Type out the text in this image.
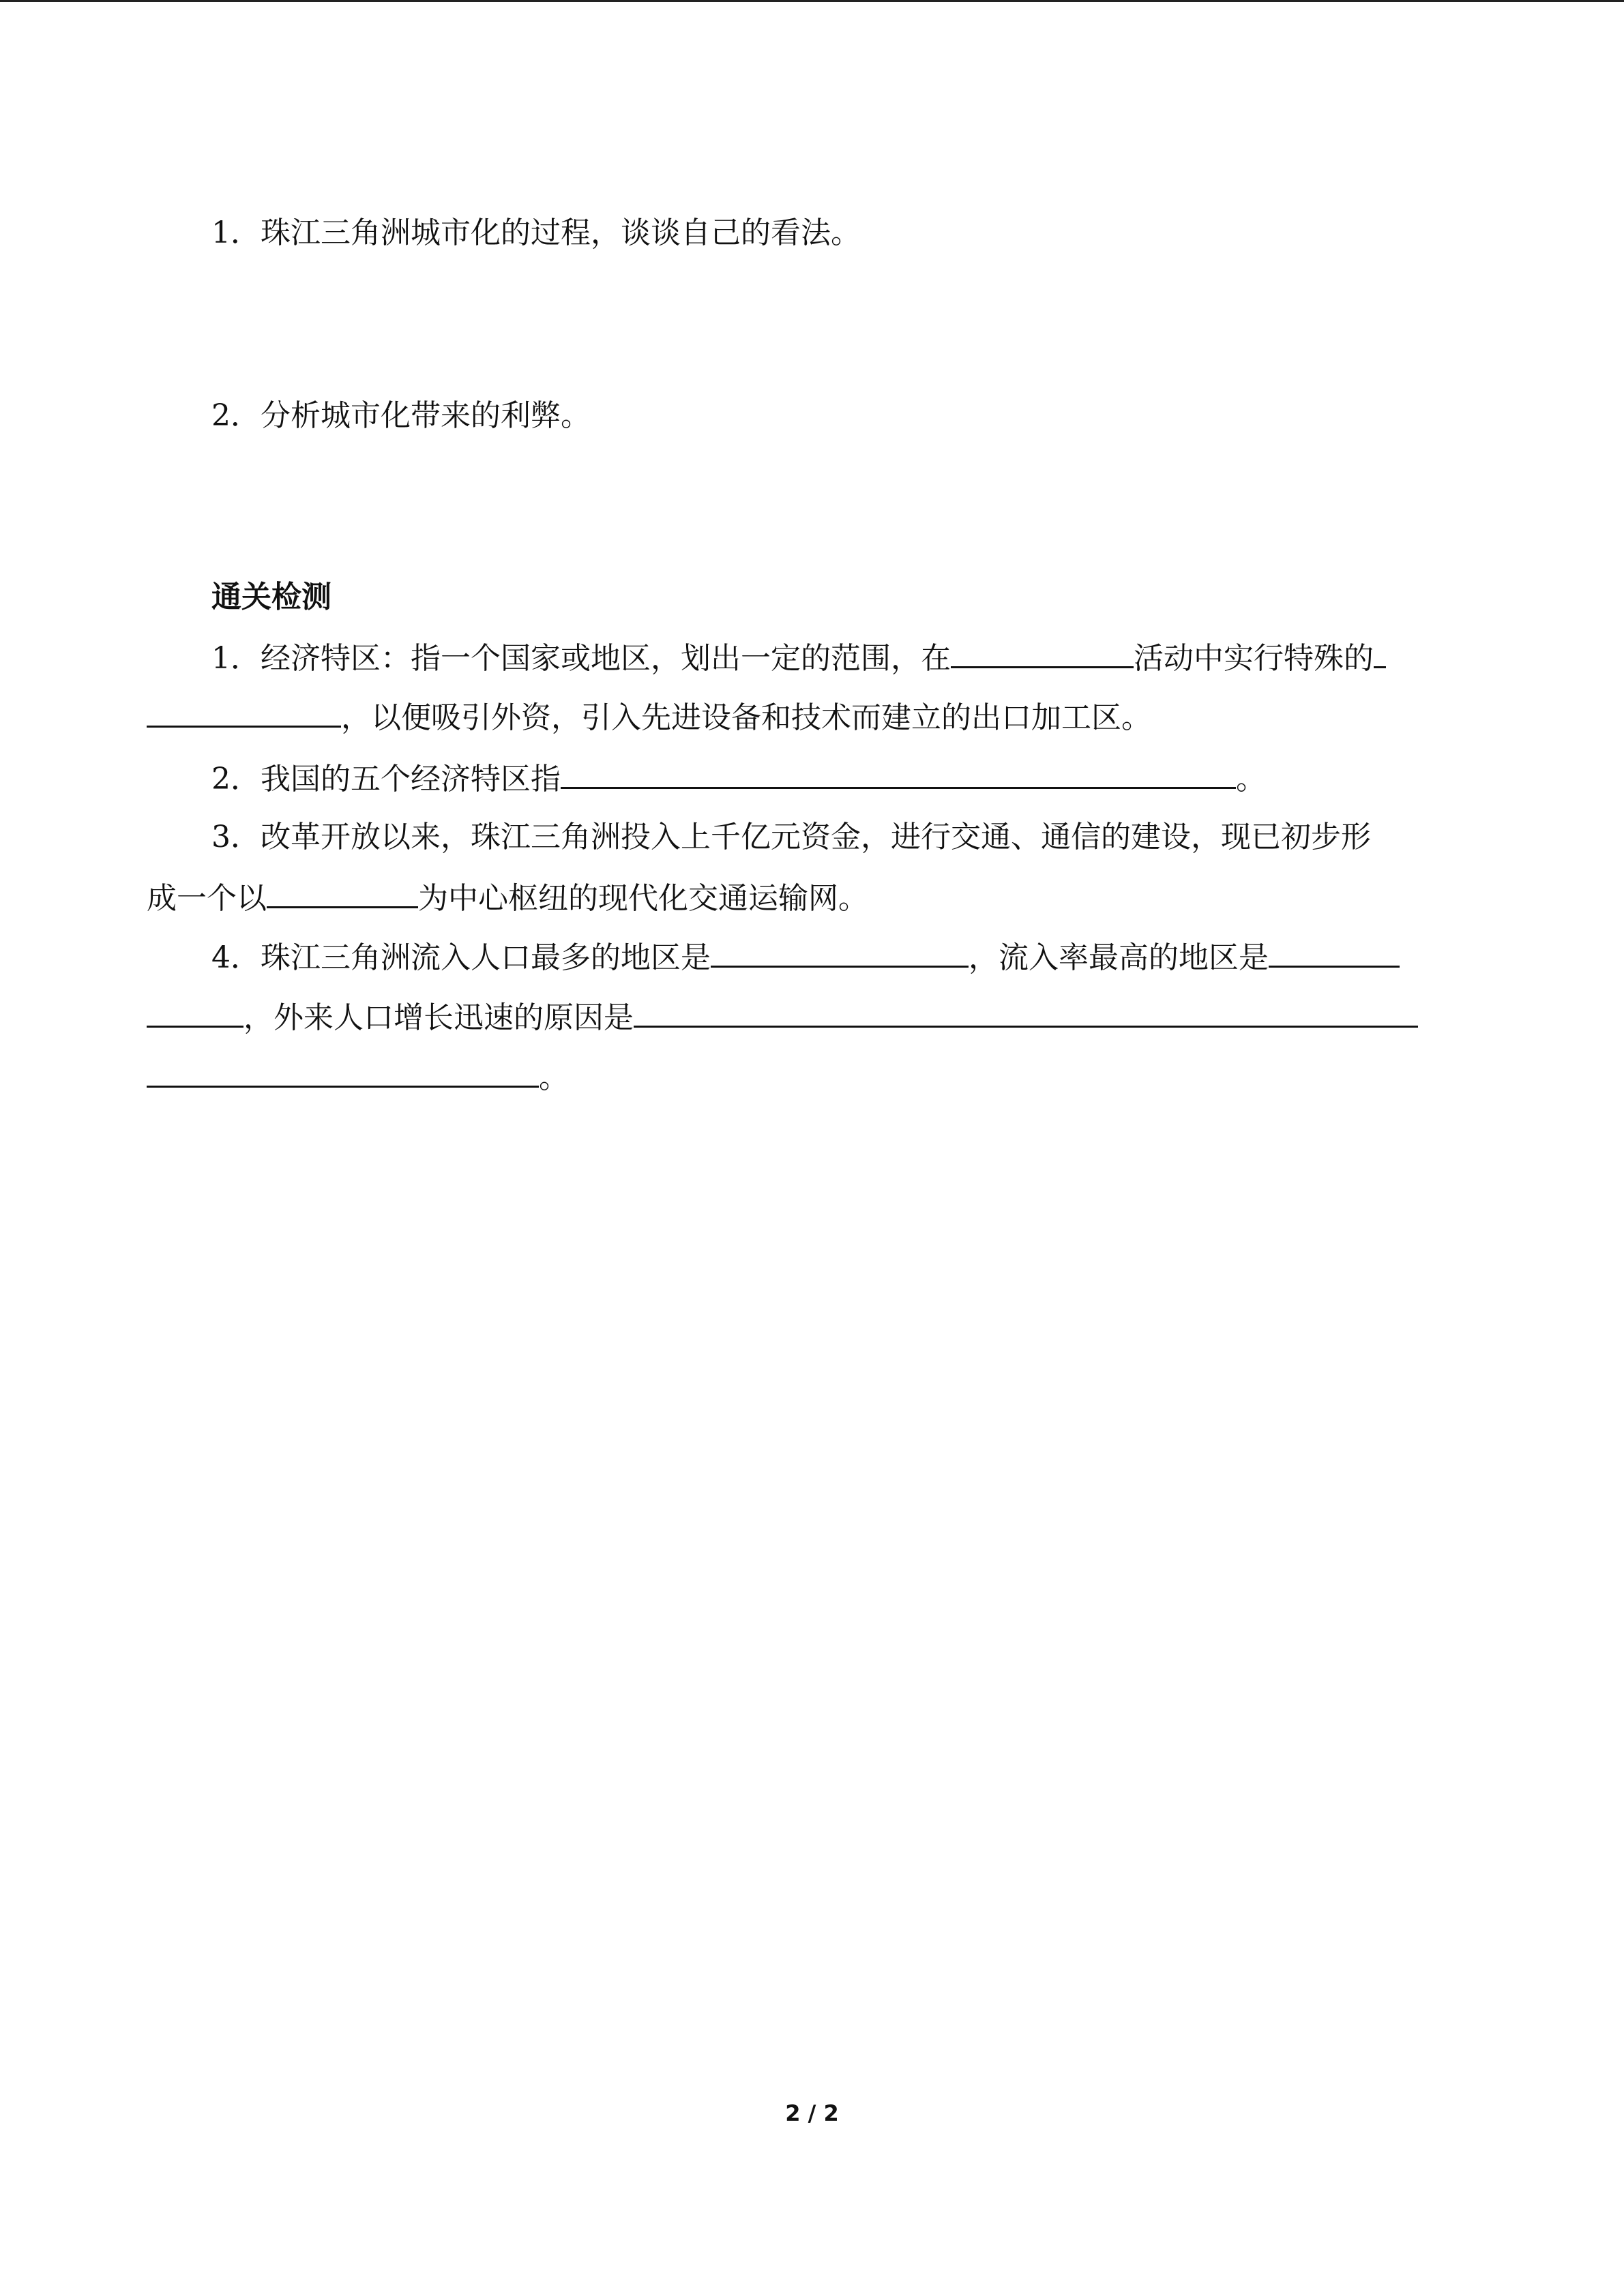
1．珠江三角洲城市化的过程，谈谈自己的看法。
2．分析城市化带来的利弊。
通关检测
1．经济特区：指一个国家或地区，划出一定的范围，在	活动中实行特殊的
，以便吸引外资，引入先进设备和技术而建立的出口加工区。
2．我国的五个经济特区指	。
3．改革开放以来，珠江三角洲投入上千亿元资金，进行交通、通信的建设，现已初步形
成一个以	为中心枢纽的现代化交通运输网。
4．珠江三角洲流入人口最多的地区是	，流入率最高的地区是
，外来人口增长迅速的原因是
。
2 / 2
